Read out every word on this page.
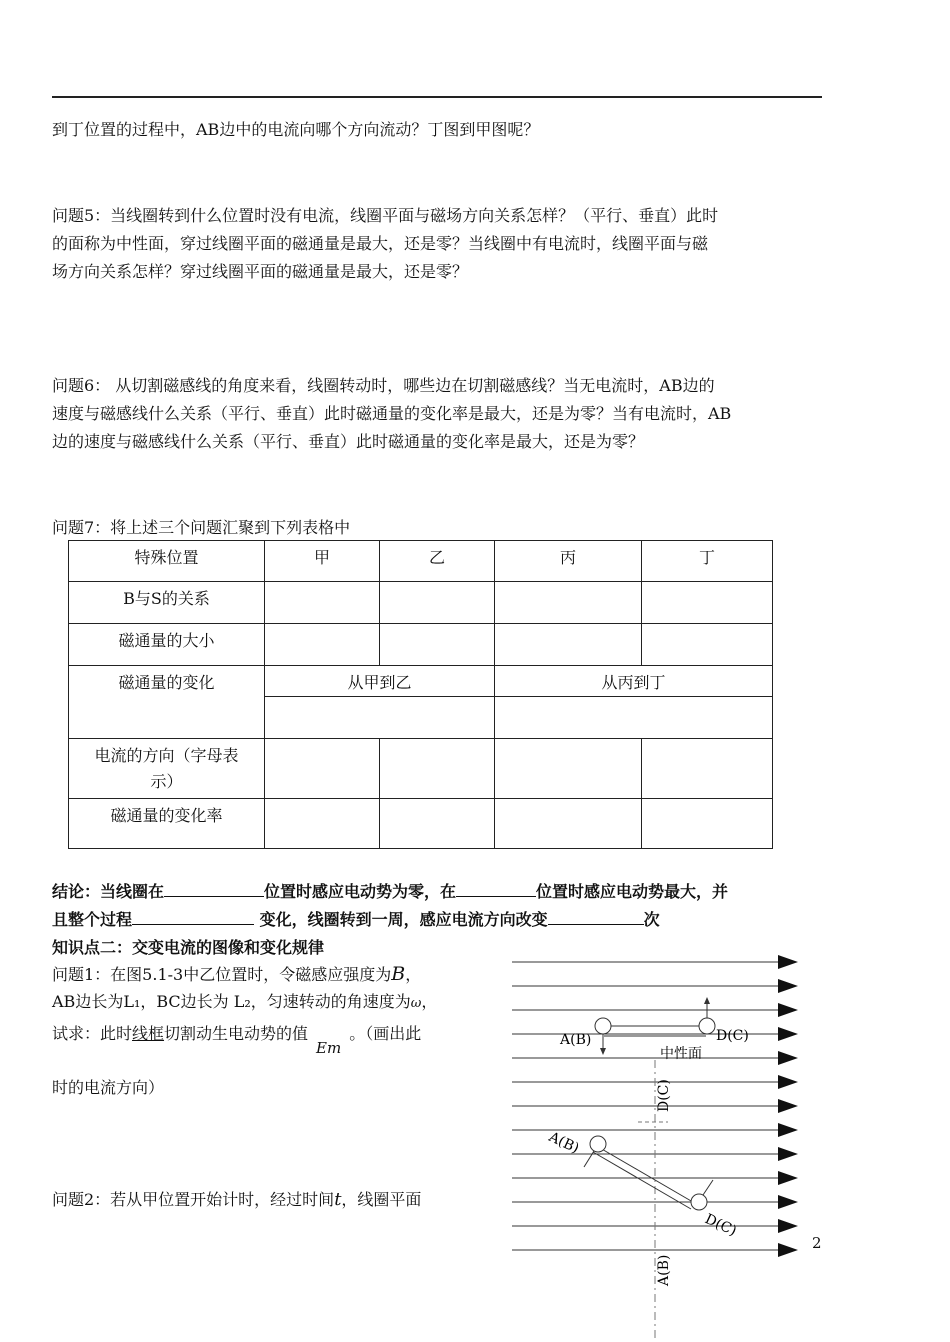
到丁位置的过程中，AB边中的电流向哪个方向流动？丁图到甲图呢？
问题5：当线圈转到什么位置时没有电流，线圈平面与磁场方向关系怎样？（平行、垂直）此时
的面称为中性面，穿过线圈平面的磁通量是最大，还是零？当线圈中有电流时，线圈平面与磁
场方向关系怎样？穿过线圈平面的磁通量是最大，还是零？
问题6： 从切割磁感线的角度来看，线圈转动时，哪些边在切割磁感线？当无电流时，AB边的
速度与磁感线什么关系（平行、垂直）此时磁通量的变化率是最大，还是为零？当有电流时，AB
边的速度与磁感线什么关系（平行、垂直）此时磁通量的变化率是最大，还是为零？
问题7：将上述三个问题汇聚到下列表格中
特殊位置	甲	乙	丙	丁
B与S的关系				
磁通量的大小				
磁通量的变化	从甲到乙		从丙到丁	

电流的方向（字母表
示）				

磁通量的变化率				
结论：当线圈在	位置时感应电动势为零，在	位置时感应电动势最大，并
且整个过程	变化，线圈转到一周，感应电流方向改变	次
知识点二：交变电流的图像和变化规律
问题1：在图5.1-3中乙位置时，令磁感应强度为B，
AB边长为L₁，BC边长为 L₂，匀速转动的角速度为ω，
试求：此时线框切割动生电动势的值Em。（画出此
时的电流方向）
问题2：若从甲位置开始计时，经过时间t，线圈平面
A(B)	D(C)
中性面
D(C)
A(B)
D(C)
A(B)
2
